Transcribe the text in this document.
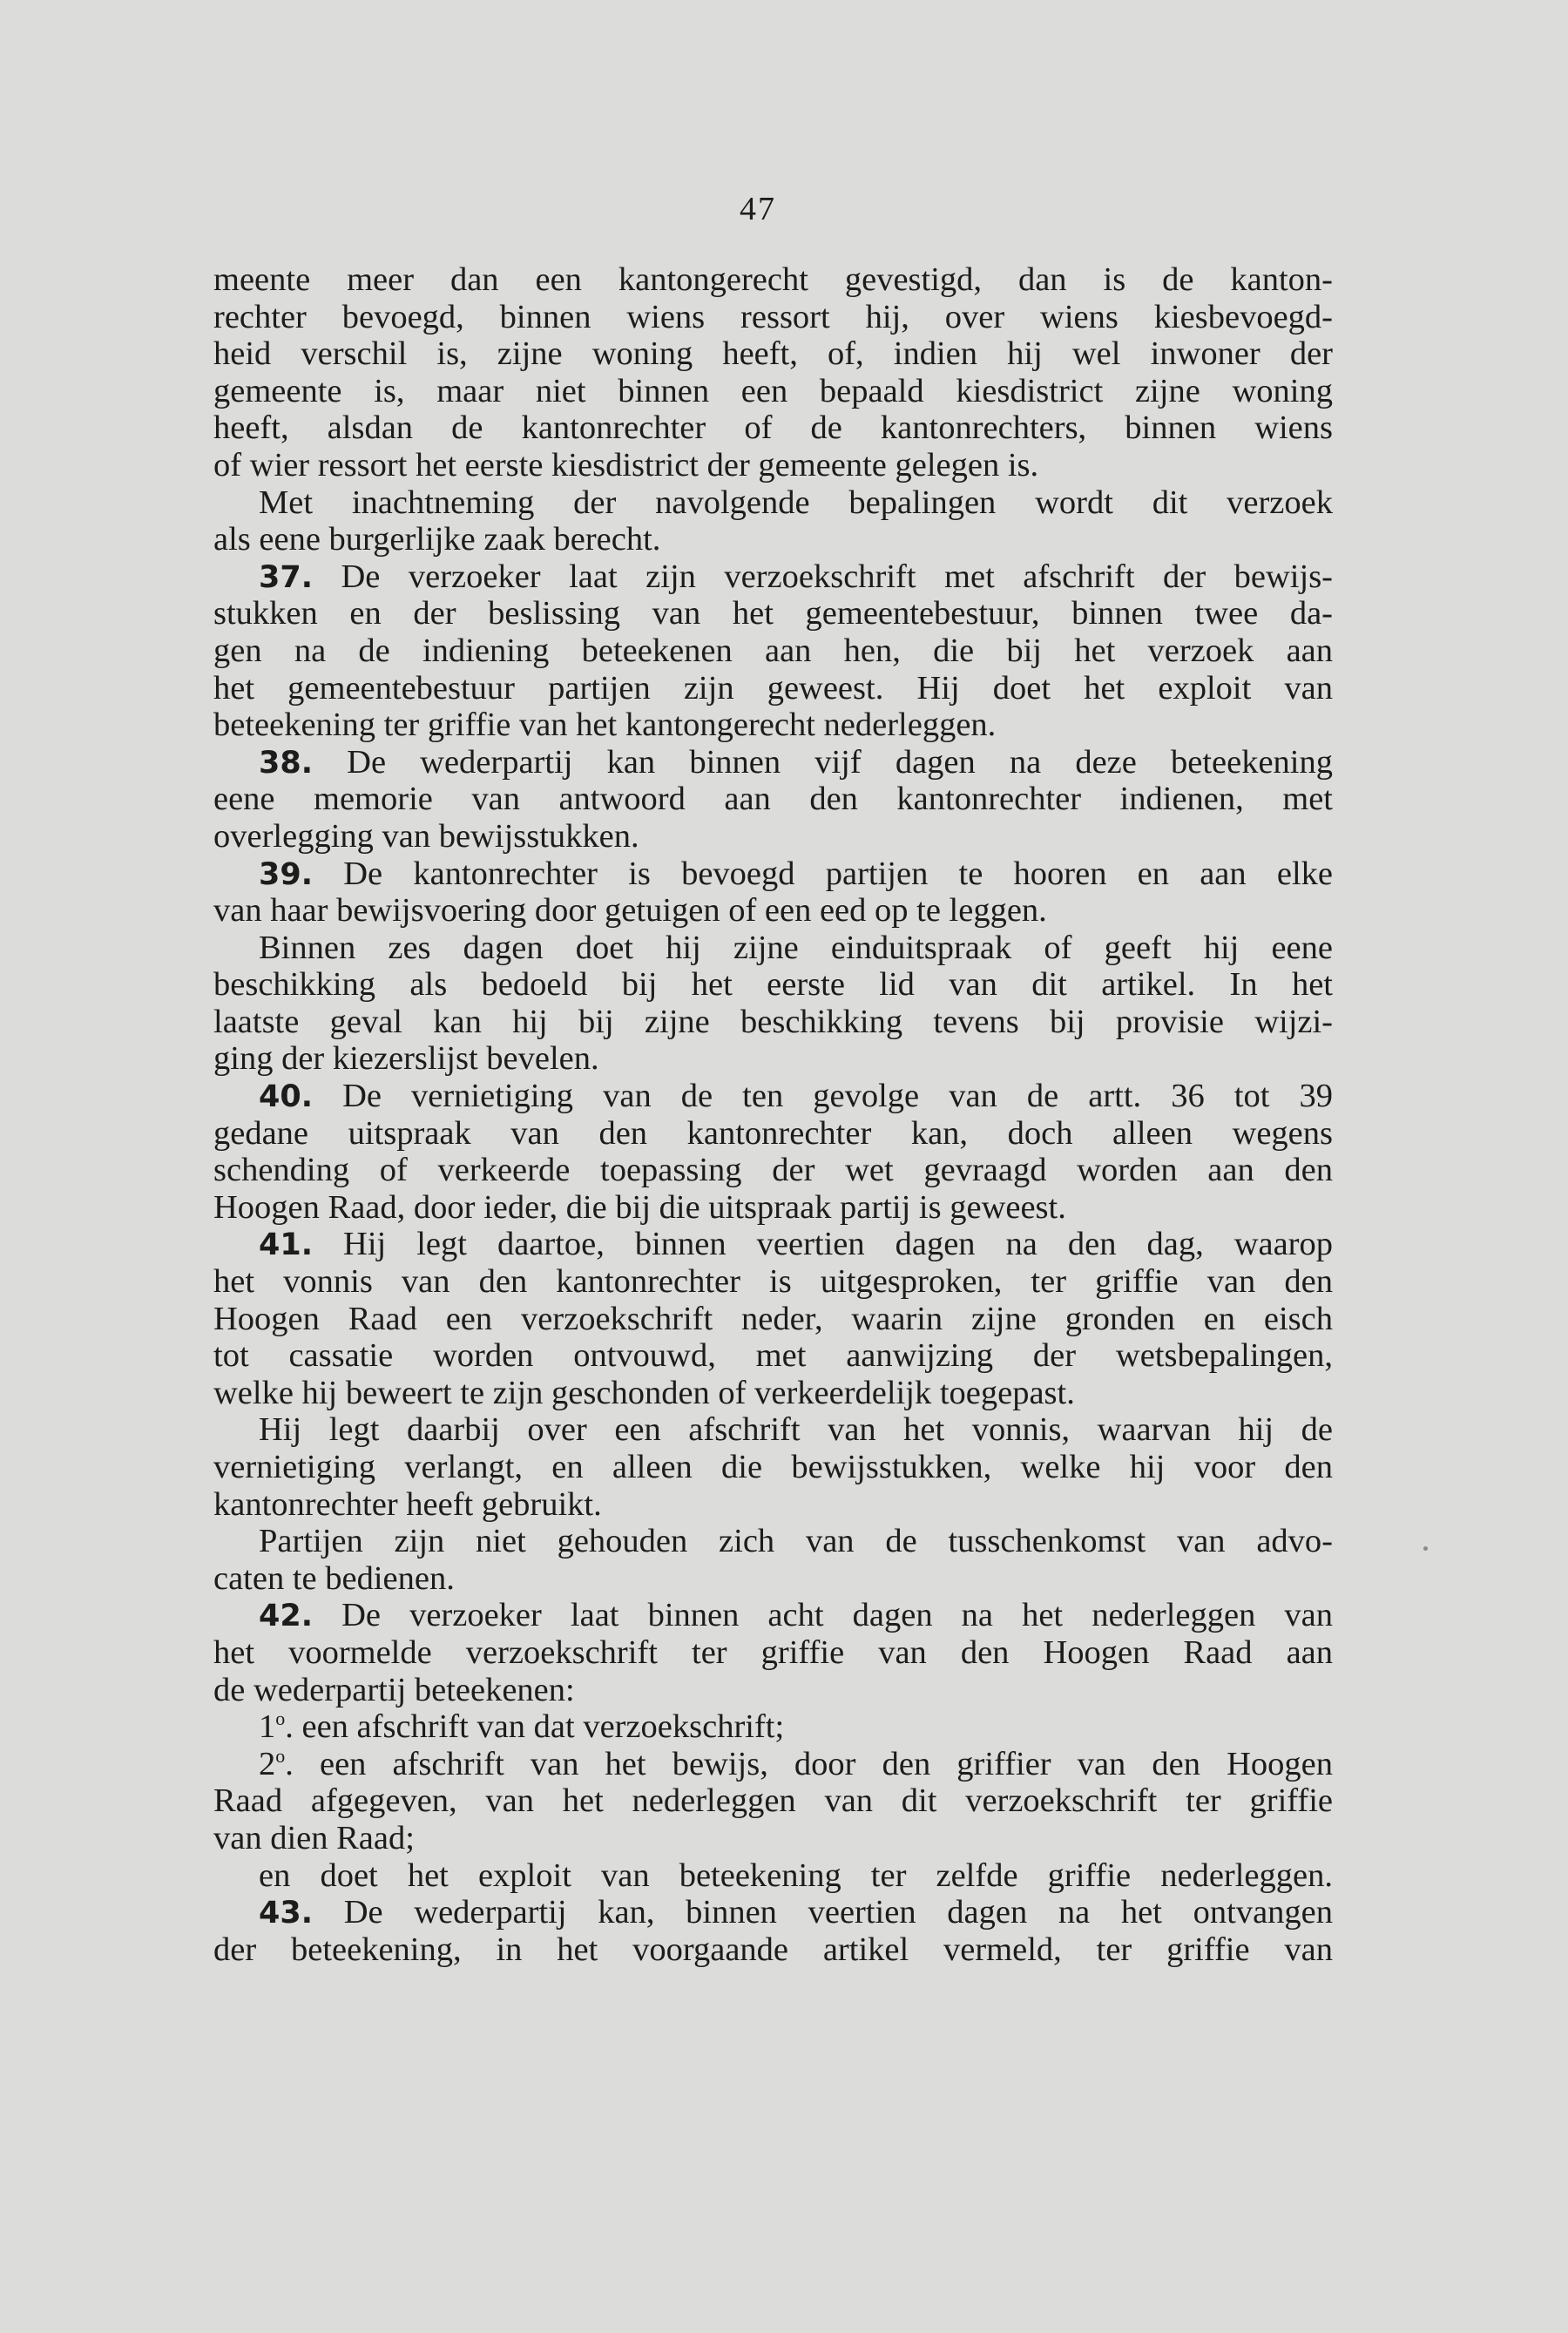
47
meente meer dan een kantongerecht gevestigd, dan is de kanton-
rechter bevoegd, binnen wiens ressort hij, over wiens kiesbevoegd-
heid verschil is, zijne woning heeft, of, indien hij wel inwoner der
gemeente is, maar niet binnen een bepaald kiesdistrict zijne woning
heeft, alsdan de kantonrechter of de kantonrechters, binnen wiens
of wier ressort het eerste kiesdistrict der gemeente gelegen is.
Met inachtneming der navolgende bepalingen wordt dit verzoek
als eene burgerlijke zaak berecht.
37. De verzoeker laat zijn verzoekschrift met afschrift der bewijs-
stukken en der beslissing van het gemeentebestuur, binnen twee da-
gen na de indiening beteekenen aan hen, die bij het verzoek aan
het gemeentebestuur partijen zijn geweest. Hij doet het exploit van
beteekening ter griffie van het kantongerecht nederleggen.
38. De wederpartij kan binnen vijf dagen na deze beteekening
eene memorie van antwoord aan den kantonrechter indienen, met
overlegging van bewijsstukken.
39. De kantonrechter is bevoegd partijen te hooren en aan elke
van haar bewijsvoering door getuigen of een eed op te leggen.
Binnen zes dagen doet hij zijne einduitspraak of geeft hij eene
beschikking als bedoeld bij het eerste lid van dit artikel. In het
laatste geval kan hij bij zijne beschikking tevens bij provisie wijzi-
ging der kiezerslijst bevelen.
40. De vernietiging van de ten gevolge van de artt. 36 tot 39
gedane uitspraak van den kantonrechter kan, doch alleen wegens
schending of verkeerde toepassing der wet gevraagd worden aan den
Hoogen Raad, door ieder, die bij die uitspraak partij is geweest.
41. Hij legt daartoe, binnen veertien dagen na den dag, waarop
het vonnis van den kantonrechter is uitgesproken, ter griffie van den
Hoogen Raad een verzoekschrift neder, waarin zijne gronden en eisch
tot cassatie worden ontvouwd, met aanwijzing der wetsbepalingen,
welke hij beweert te zijn geschonden of verkeerdelijk toegepast.
Hij legt daarbij over een afschrift van het vonnis, waarvan hij de
vernietiging verlangt, en alleen die bewijsstukken, welke hij voor den
kantonrechter heeft gebruikt.
Partijen zijn niet gehouden zich van de tusschenkomst van advo-
caten te bedienen.
42. De verzoeker laat binnen acht dagen na het nederleggen van
het voormelde verzoekschrift ter griffie van den Hoogen Raad aan
de wederpartij beteekenen:
1$^o$. een afschrift van dat verzoekschrift;
2$^o$. een afschrift van het bewijs, door den griffier van den Hoogen
Raad afgegeven, van het nederleggen van dit verzoekschrift ter griffie
van dien Raad;
en doet het exploit van beteekening ter zelfde griffie nederleggen.
43. De wederpartij kan, binnen veertien dagen na het ontvangen
der beteekening, in het voorgaande artikel vermeld, ter griffie van
